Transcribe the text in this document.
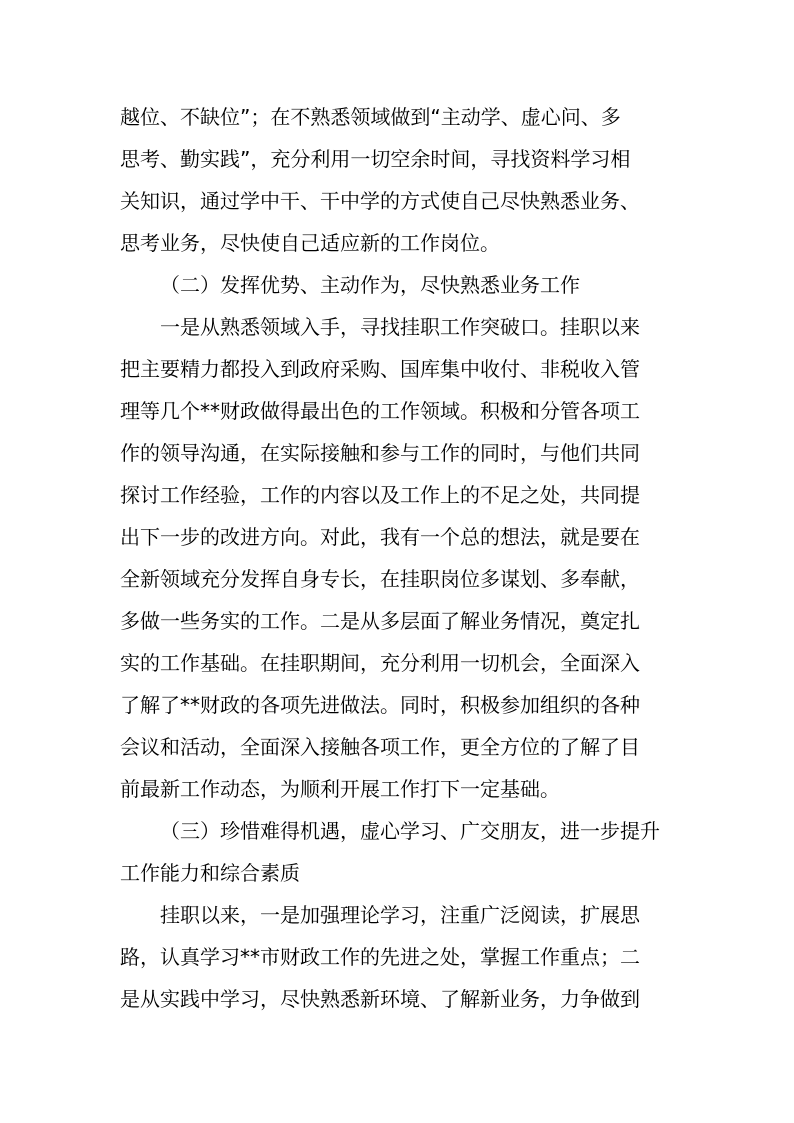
越位、不缺位”；在不熟悉领域做到“主动学、虚心问、多
思考、勤实践”，充分利用一切空余时间，寻找资料学习相
关知识，通过学中干、干中学的方式使自己尽快熟悉业务、
思考业务，尽快使自己适应新的工作岗位。
（二）发挥优势、主动作为，尽快熟悉业务工作
一是从熟悉领域入手，寻找挂职工作突破口。挂职以来
把主要精力都投入到政府采购、国库集中收付、非税收入管
理等几个**财政做得最出色的工作领域。积极和分管各项工
作的领导沟通，在实际接触和参与工作的同时，与他们共同
探讨工作经验，工作的内容以及工作上的不足之处，共同提
出下一步的改进方向。对此，我有一个总的想法，就是要在
全新领域充分发挥自身专长，在挂职岗位多谋划、多奉献，
多做一些务实的工作。二是从多层面了解业务情况，奠定扎
实的工作基础。在挂职期间，充分利用一切机会，全面深入
了解了**财政的各项先进做法。同时，积极参加组织的各种
会议和活动，全面深入接触各项工作，更全方位的了解了目
前最新工作动态，为顺利开展工作打下一定基础。
（三）珍惜难得机遇，虚心学习、广交朋友，进一步提升
工作能力和综合素质
挂职以来，一是加强理论学习，注重广泛阅读，扩展思
路，认真学习**市财政工作的先进之处，掌握工作重点；二
是从实践中学习，尽快熟悉新环境、了解新业务，力争做到
